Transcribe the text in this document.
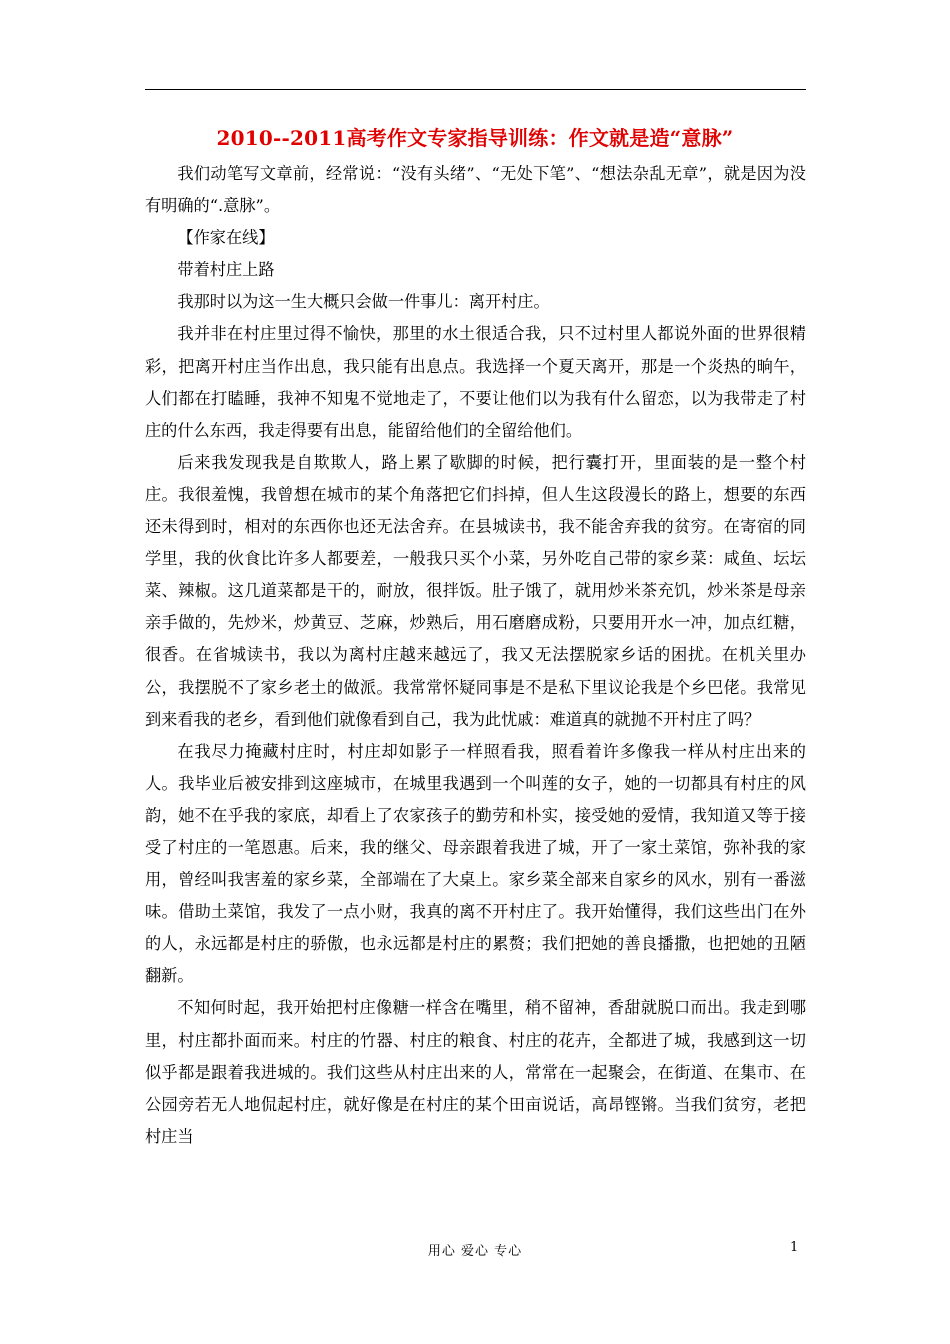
2010--2011高考作文专家指导训练：作文就是造“意脉”

我们动笔写文章前，经常说：“没有头绪”、“无处下笔”、“想法杂乱无章”，就是因为没有明确的“.意脉”。

【作家在线】

带着村庄上路

我那时以为这一生大概只会做一件事儿：离开村庄。

我并非在村庄里过得不愉快，那里的水土很适合我，只不过村里人都说外面的世界很精彩，把离开村庄当作出息，我只能有出息点。我选择一个夏天离开，那是一个炎热的晌午，人们都在打瞌睡，我神不知鬼不觉地走了，不要让他们以为我有什么留恋，以为我带走了村庄的什么东西，我走得要有出息，能留给他们的全留给他们。

后来我发现我是自欺欺人，路上累了歇脚的时候，把行囊打开，里面装的是一整个村庄。我很羞愧，我曾想在城市的某个角落把它们抖掉，但人生这段漫长的路上，想要的东西还未得到时，相对的东西你也还无法舍弃。在县城读书，我不能舍弃我的贫穷。在寄宿的同学里，我的伙食比许多人都要差，一般我只买个小菜，另外吃自己带的家乡菜：咸鱼、坛坛菜、辣椒。这几道菜都是干的，耐放，很拌饭。肚子饿了，就用炒米茶充饥，炒米茶是母亲亲手做的，先炒米，炒黄豆、芝麻，炒熟后，用石磨磨成粉，只要用开水一冲，加点红糖，很香。在省城读书，我以为离村庄越来越远了，我又无法摆脱家乡话的困扰。在机关里办公，我摆脱不了家乡老土的做派。我常常怀疑同事是不是私下里议论我是个乡巴佬。我常见到来看我的老乡，看到他们就像看到自己，我为此忧戚：难道真的就抛不开村庄了吗？

在我尽力掩藏村庄时，村庄却如影子一样照看我，照看着许多像我一样从村庄出来的人。我毕业后被安排到这座城市，在城里我遇到一个叫莲的女子，她的一切都具有村庄的风韵，她不在乎我的家底，却看上了农家孩子的勤劳和朴实，接受她的爱情，我知道又等于接受了村庄的一笔恩惠。后来，我的继父、母亲跟着我进了城，开了一家土菜馆，弥补我的家用，曾经叫我害羞的家乡菜，全部端在了大桌上。家乡菜全部来自家乡的风水，别有一番滋味。借助土菜馆，我发了一点小财，我真的离不开村庄了。我开始懂得，我们这些出门在外的人，永远都是村庄的骄傲，也永远都是村庄的累赘；我们把她的善良播撒，也把她的丑陋翻新。

不知何时起，我开始把村庄像糖一样含在嘴里，稍不留神，香甜就脱口而出。我走到哪里，村庄都扑面而来。村庄的竹器、村庄的粮食、村庄的花卉，全都进了城，我感到这一切似乎都是跟着我进城的。我们这些从村庄出来的人，常常在一起聚会，在街道、在集市、在公园旁若无人地侃起村庄，就好像是在村庄的某个田亩说话，高昂铿锵。当我们贫穷，老把村庄当

用心 爱心 专心	1
